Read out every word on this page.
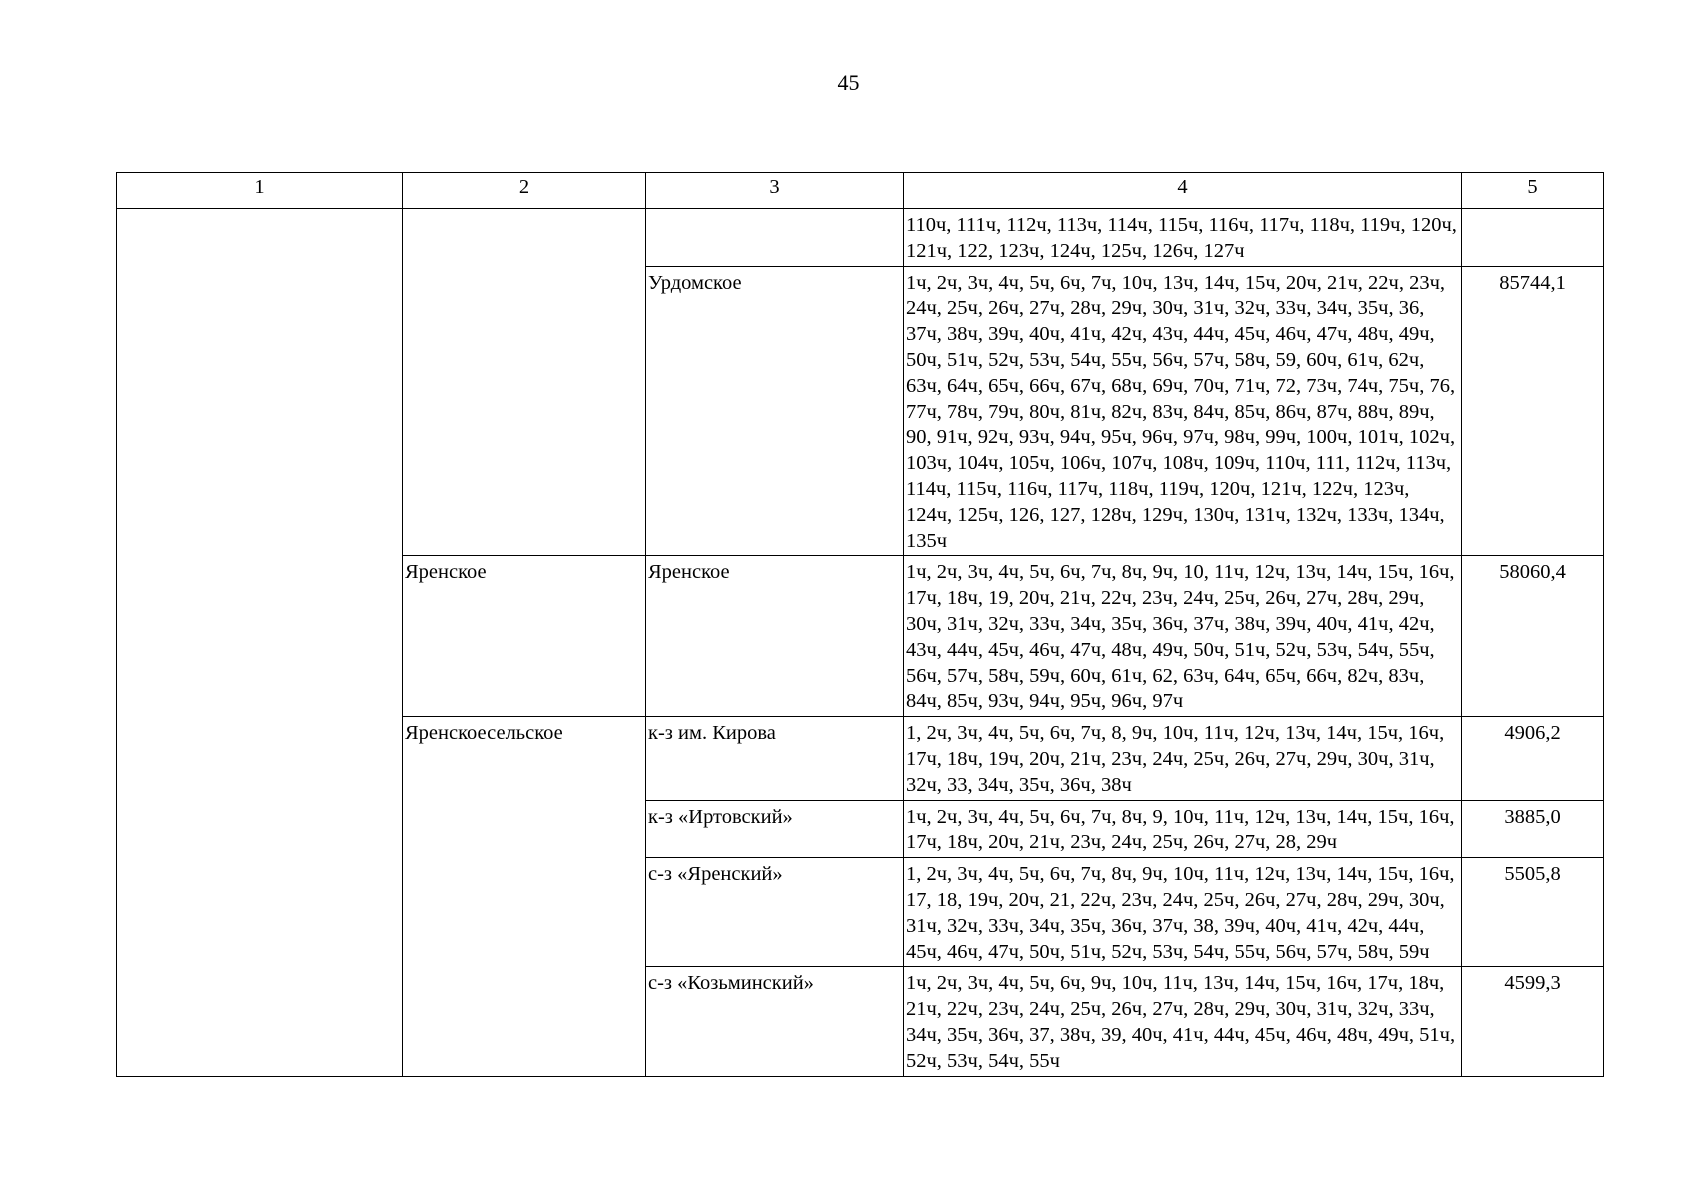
45
1	2	3	4	5
			110ч, 111ч, 112ч, 113ч, 114ч, 115ч, 116ч, 117ч, 118ч, 119ч, 120ч, 121ч, 122, 123ч, 124ч, 125ч, 126ч, 127ч	
		Урдомское	1ч, 2ч, 3ч, 4ч, 5ч, 6ч, 7ч, 10ч, 13ч, 14ч, 15ч, 20ч, 21ч, 22ч, 23ч, 24ч, 25ч, 26ч, 27ч, 28ч, 29ч, 30ч, 31ч, 32ч, 33ч, 34ч, 35ч, 36, 37ч, 38ч, 39ч, 40ч, 41ч, 42ч, 43ч, 44ч, 45ч, 46ч, 47ч, 48ч, 49ч, 50ч, 51ч, 52ч, 53ч, 54ч, 55ч, 56ч, 57ч, 58ч, 59, 60ч, 61ч, 62ч, 63ч, 64ч, 65ч, 66ч, 67ч, 68ч, 69ч, 70ч, 71ч, 72, 73ч, 74ч, 75ч, 76, 77ч, 78ч, 79ч, 80ч, 81ч, 82ч, 83ч, 84ч, 85ч, 86ч, 87ч, 88ч, 89ч, 90, 91ч, 92ч, 93ч, 94ч, 95ч, 96ч, 97ч, 98ч, 99ч, 100ч, 101ч, 102ч, 103ч, 104ч, 105ч, 106ч, 107ч, 108ч, 109ч, 110ч, 111, 112ч, 113ч, 114ч, 115ч, 116ч, 117ч, 118ч, 119ч, 120ч, 121ч, 122ч, 123ч, 124ч, 125ч, 126, 127, 128ч, 129ч, 130ч, 131ч, 132ч, 133ч, 134ч, 135ч	85744,1
	Яренское	Яренское	1ч, 2ч, 3ч, 4ч, 5ч, 6ч, 7ч, 8ч, 9ч, 10, 11ч, 12ч, 13ч, 14ч, 15ч, 16ч, 17ч, 18ч, 19, 20ч, 21ч, 22ч, 23ч, 24ч, 25ч, 26ч, 27ч, 28ч, 29ч, 30ч, 31ч, 32ч, 33ч, 34ч, 35ч, 36ч, 37ч, 38ч, 39ч, 40ч, 41ч, 42ч, 43ч, 44ч, 45ч, 46ч, 47ч, 48ч, 49ч, 50ч, 51ч, 52ч, 53ч, 54ч, 55ч, 56ч, 57ч, 58ч, 59ч, 60ч, 61ч, 62, 63ч, 64ч, 65ч, 66ч, 82ч, 83ч, 84ч, 85ч, 93ч, 94ч, 95ч, 96ч, 97ч	58060,4
	Яренскоесельское	к-з им. Кирова	1, 2ч, 3ч, 4ч, 5ч, 6ч, 7ч, 8, 9ч, 10ч, 11ч, 12ч, 13ч, 14ч, 15ч, 16ч, 17ч, 18ч, 19ч, 20ч, 21ч, 23ч, 24ч, 25ч, 26ч, 27ч, 29ч, 30ч, 31ч, 32ч, 33, 34ч, 35ч, 36ч, 38ч	4906,2
		к-з «Иртовский»	1ч, 2ч, 3ч, 4ч, 5ч, 6ч, 7ч, 8ч, 9, 10ч, 11ч, 12ч, 13ч, 14ч, 15ч, 16ч, 17ч, 18ч, 20ч, 21ч, 23ч, 24ч, 25ч, 26ч, 27ч, 28, 29ч	3885,0
		с-з «Яренский»	1, 2ч, 3ч, 4ч, 5ч, 6ч, 7ч, 8ч, 9ч, 10ч, 11ч, 12ч, 13ч, 14ч, 15ч, 16ч, 17, 18, 19ч, 20ч, 21, 22ч, 23ч, 24ч, 25ч, 26ч, 27ч, 28ч, 29ч, 30ч, 31ч, 32ч, 33ч, 34ч, 35ч, 36ч, 37ч, 38, 39ч, 40ч, 41ч, 42ч, 44ч, 45ч, 46ч, 47ч, 50ч, 51ч, 52ч, 53ч, 54ч, 55ч, 56ч, 57ч, 58ч, 59ч	5505,8
		с-з «Козьминский»	1ч, 2ч, 3ч, 4ч, 5ч, 6ч, 9ч, 10ч, 11ч, 13ч, 14ч, 15ч, 16ч, 17ч, 18ч, 21ч, 22ч, 23ч, 24ч, 25ч, 26ч, 27ч, 28ч, 29ч, 30ч, 31ч, 32ч, 33ч, 34ч, 35ч, 36ч, 37, 38ч, 39, 40ч, 41ч, 44ч, 45ч, 46ч, 48ч, 49ч, 51ч, 52ч, 53ч, 54ч, 55ч	4599,3
